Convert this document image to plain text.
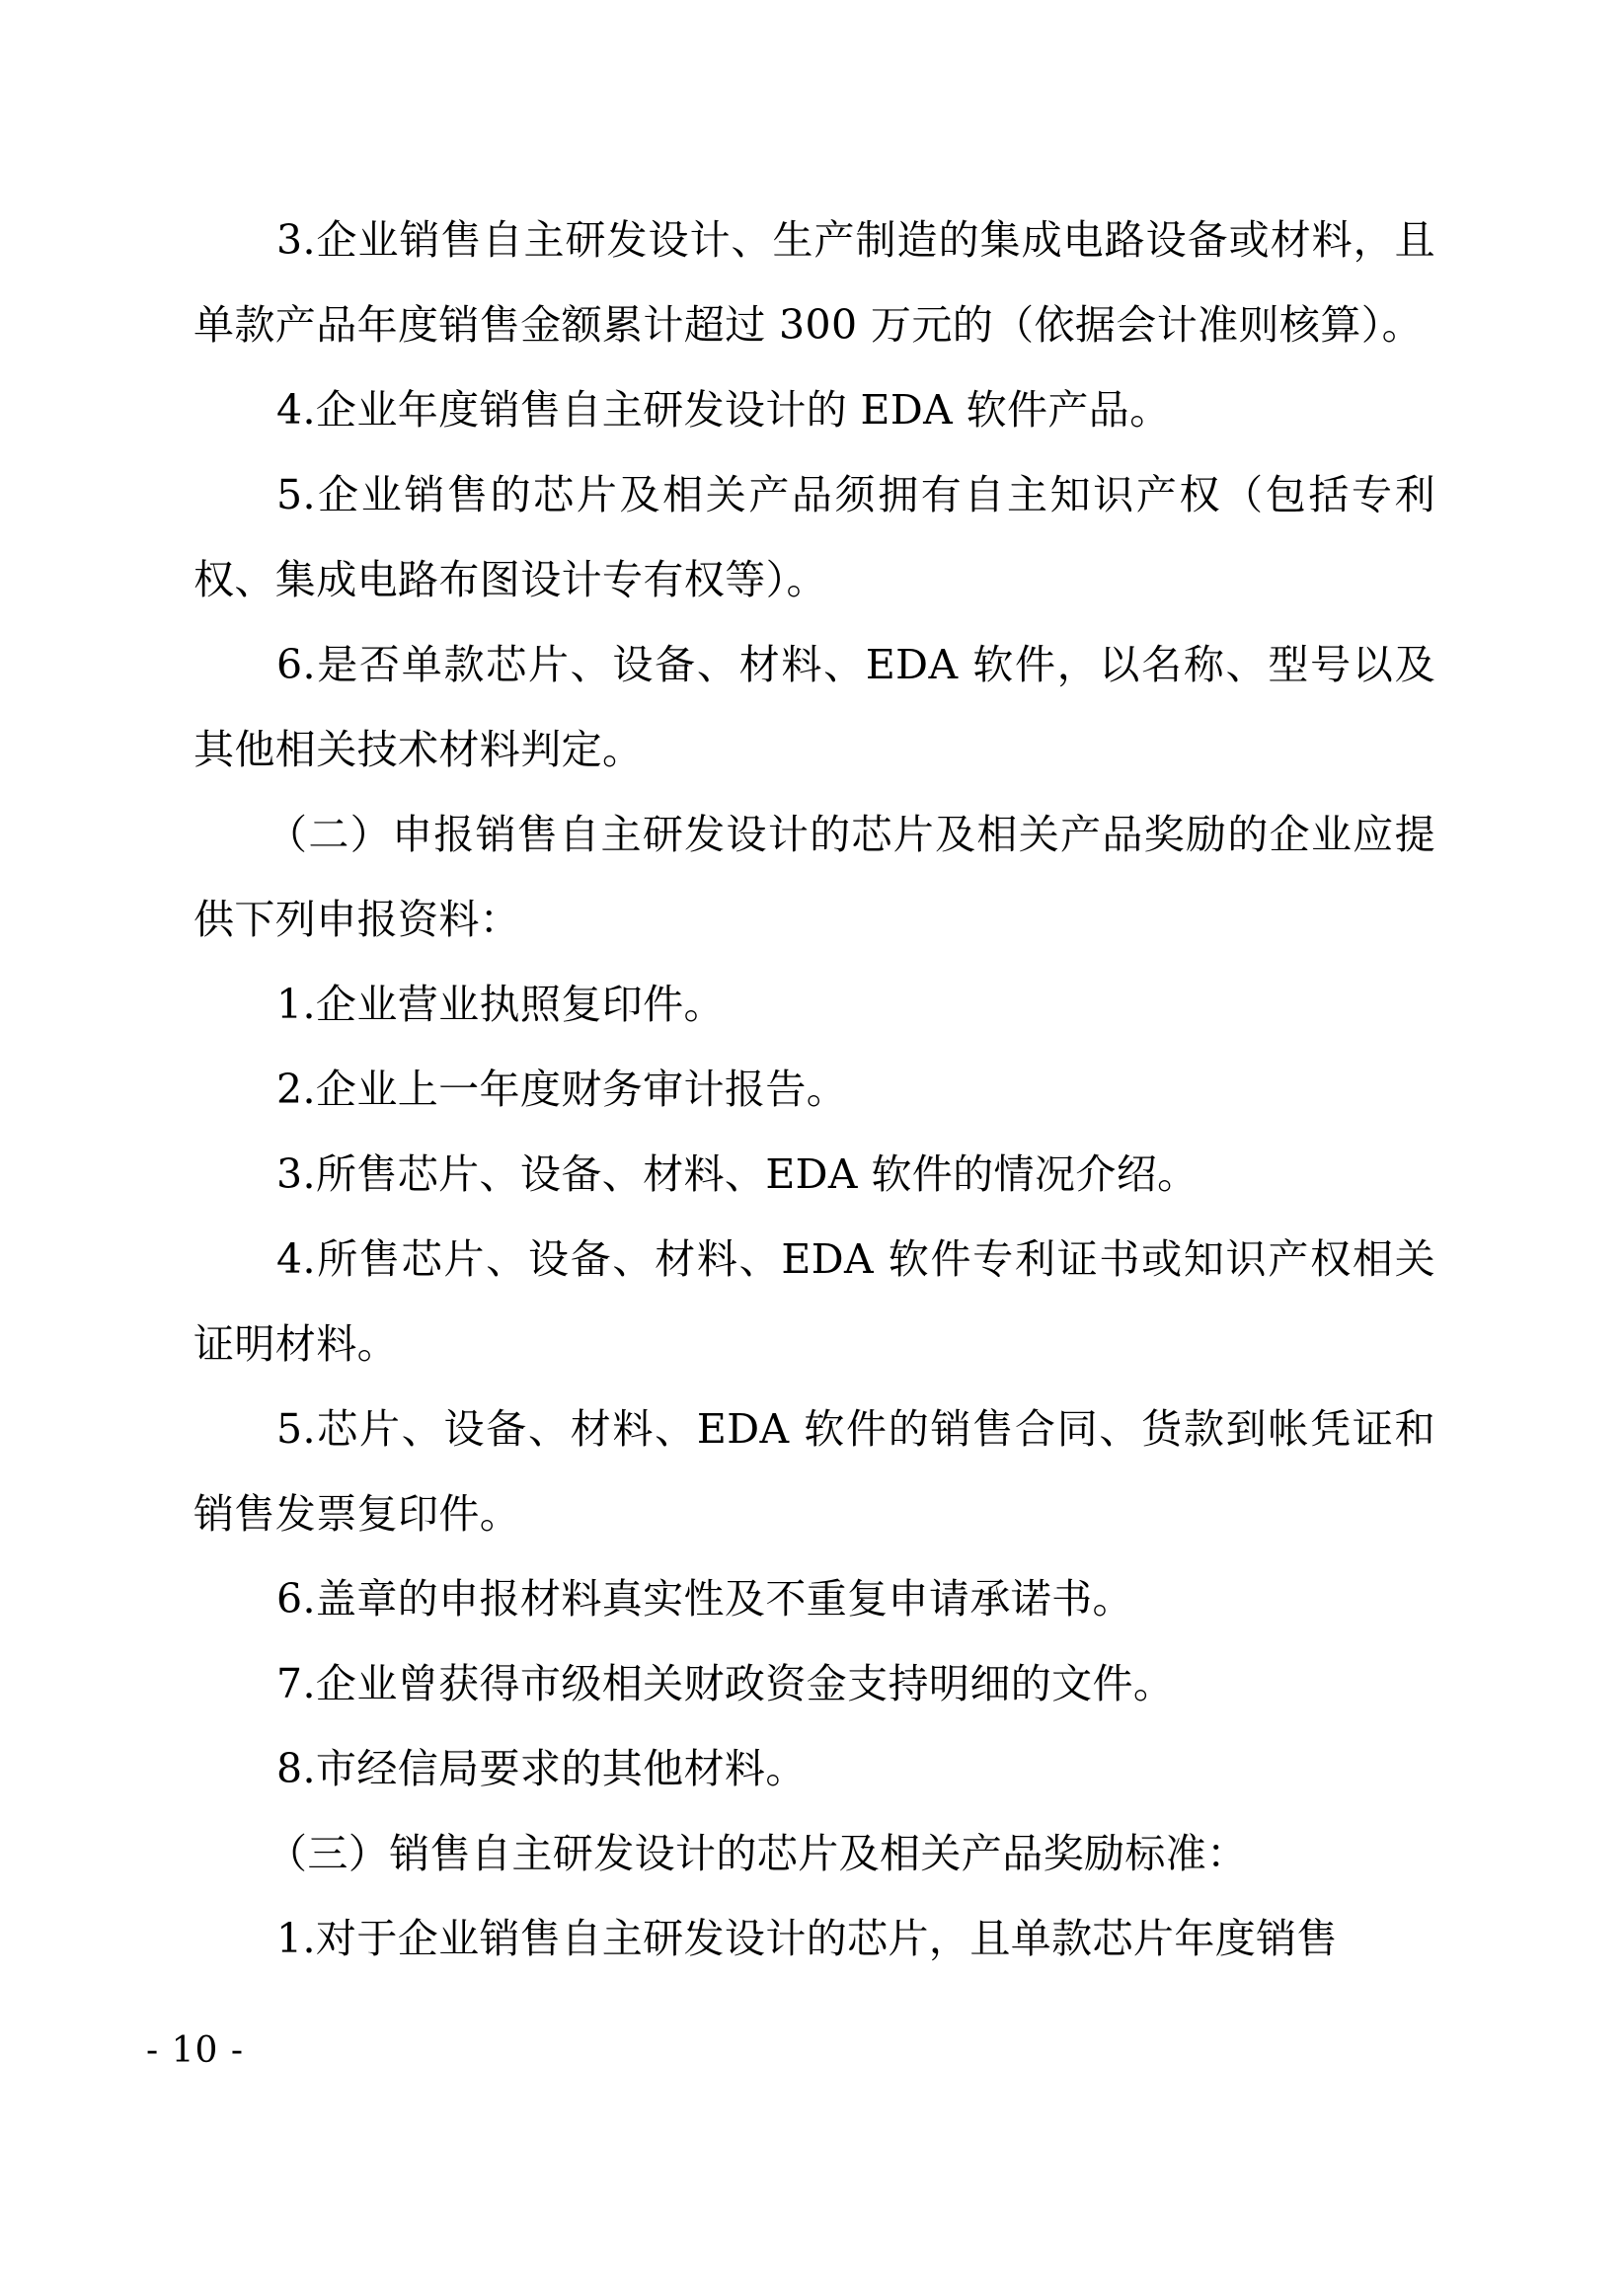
3.企业销售自主研发设计、生产制造的集成电路设备或材料，且单款产品年度销售金额累计超过 300 万元的（依据会计准则核算）。

4.企业年度销售自主研发设计的 EDA 软件产品。

5.企业销售的芯片及相关产品须拥有自主知识产权（包括专利权、集成电路布图设计专有权等）。

6.是否单款芯片、设备、材料、EDA 软件，以名称、型号以及其他相关技术材料判定。

（二）申报销售自主研发设计的芯片及相关产品奖励的企业应提供下列申报资料：

1.企业营业执照复印件。

2.企业上一年度财务审计报告。

3.所售芯片、设备、材料、EDA 软件的情况介绍。

4.所售芯片、设备、材料、EDA 软件专利证书或知识产权相关证明材料。

5.芯片、设备、材料、EDA 软件的销售合同、货款到帐凭证和销售发票复印件。

6.盖章的申报材料真实性及不重复申请承诺书。

7.企业曾获得市级相关财政资金支持明细的文件。

8.市经信局要求的其他材料。

（三）销售自主研发设计的芯片及相关产品奖励标准：

1.对于企业销售自主研发设计的芯片，且单款芯片年度销售

- 10 -
